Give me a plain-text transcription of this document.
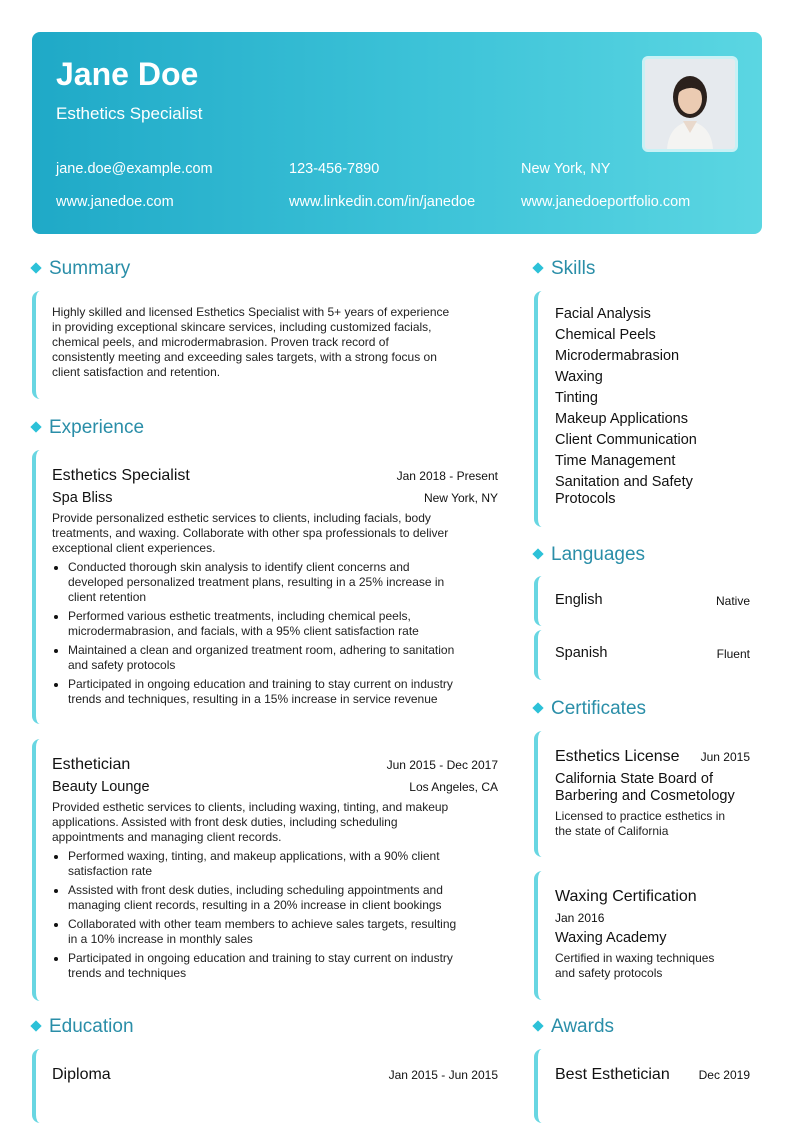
Jane Doe
Esthetics Specialist
jane.doe@example.com	123-456-7890	New York, NY
www.janedoe.com	www.linkedin.com/in/janedoe	www.janedoeportfolio.com
Summary
Highly skilled and licensed Esthetics Specialist with 5+ years of experience
in providing exceptional skincare services, including customized facials,
chemical peels, and microdermabrasion. Proven track record of
consistently meeting and exceeding sales targets, with a strong focus on
client satisfaction and retention.
Experience
Esthetics Specialist	Jan 2018 - Present
Spa Bliss	New York, NY
Provide personalized esthetic services to clients, including facials, body
treatments, and waxing. Collaborate with other spa professionals to deliver
exceptional client experiences.
Conducted thorough skin analysis to identify client concerns and
developed personalized treatment plans, resulting in a 25% increase in
client retention
Performed various esthetic treatments, including chemical peels,
microdermabrasion, and facials, with a 95% client satisfaction rate
Maintained a clean and organized treatment room, adhering to sanitation
and safety protocols
Participated in ongoing education and training to stay current on industry
trends and techniques, resulting in a 15% increase in service revenue
Esthetician	Jun 2015 - Dec 2017
Beauty Lounge	Los Angeles, CA
Provided esthetic services to clients, including waxing, tinting, and makeup
applications. Assisted with front desk duties, including scheduling
appointments and managing client records.
Performed waxing, tinting, and makeup applications, with a 90% client
satisfaction rate
Assisted with front desk duties, including scheduling appointments and
managing client records, resulting in a 20% increase in client bookings
Collaborated with other team members to achieve sales targets, resulting
in a 10% increase in monthly sales
Participated in ongoing education and training to stay current on industry
trends and techniques
Education
Diploma	Jan 2015 - Jun 2015
Skills
Facial Analysis
Chemical Peels
Microdermabrasion
Waxing
Tinting
Makeup Applications
Client Communication
Time Management
Sanitation and Safety
Protocols
Languages
English	Native
Spanish	Fluent
Certificates
Esthetics License Jun 2015
California State Board of
Barbering and Cosmetology
Licensed to practice esthetics in
the state of California
Waxing Certification
Jan 2016
Waxing Academy
Certified in waxing techniques
and safety protocols
Awards
Best Esthetician Dec 2019
